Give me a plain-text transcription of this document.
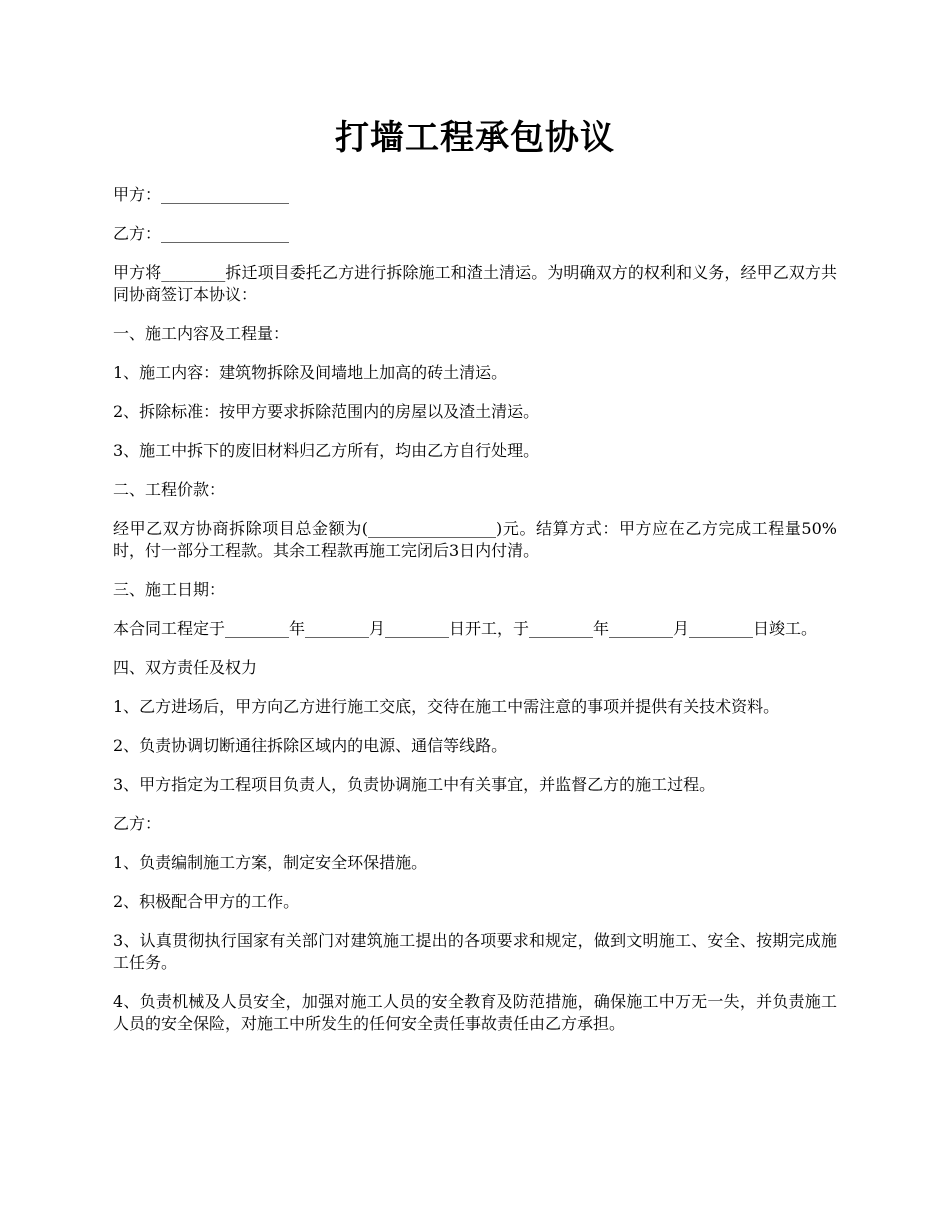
打墙工程承包协议

甲方：________________

乙方：________________

甲方将________拆迁项目委托乙方进行拆除施工和渣土清运。为明确双方的权利和义务，经甲乙双方共同协商签订本协议：

一、施工内容及工程量：

1、施工内容：建筑物拆除及间墙地上加高的砖土清运。

2、拆除标准：按甲方要求拆除范围内的房屋以及渣土清运。

3、施工中拆下的废旧材料归乙方所有，均由乙方自行处理。

二、工程价款：

经甲乙双方协商拆除项目总金额为(________________)元。结算方式：甲方应在乙方完成工程量50%时，付一部分工程款。其余工程款再施工完闭后3日内付清。

三、施工日期：

本合同工程定于________年________月________日开工，于________年________月________日竣工。

四、双方责任及权力

1、乙方进场后，甲方向乙方进行施工交底，交待在施工中需注意的事项并提供有关技术资料。

2、负责协调切断通往拆除区域内的电源、通信等线路。

3、甲方指定为工程项目负责人，负责协调施工中有关事宜，并监督乙方的施工过程。

乙方：

1、负责编制施工方案，制定安全环保措施。

2、积极配合甲方的工作。

3、认真贯彻执行国家有关部门对建筑施工提出的各项要求和规定，做到文明施工、安全、按期完成施工任务。

4、负责机械及人员安全，加强对施工人员的安全教育及防范措施，确保施工中万无一失，并负责施工人员的安全保险，对施工中所发生的任何安全责任事故责任由乙方承担。
